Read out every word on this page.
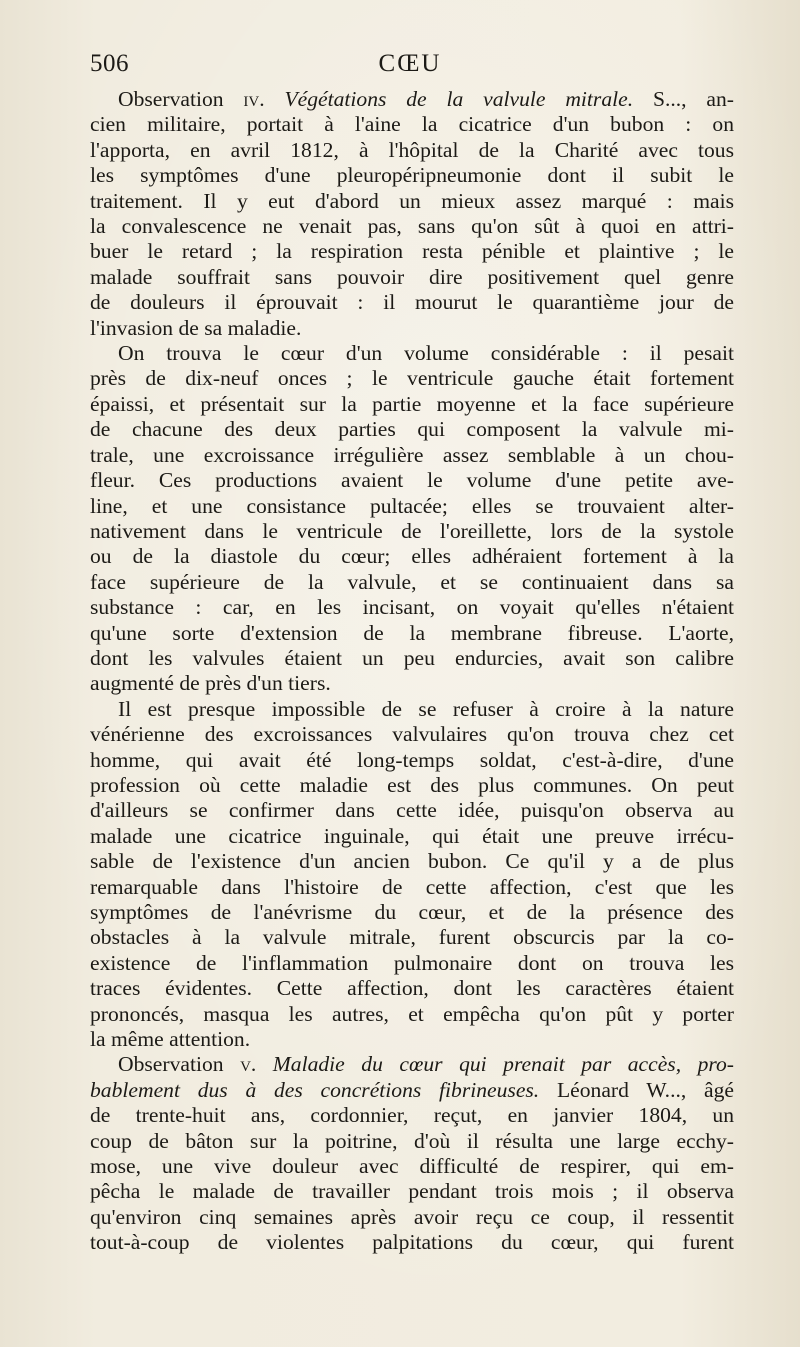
506	CŒU
Observation iv. Végétations de la valvule mitrale. S..., an-
cien militaire, portait à l'aine la cicatrice d'un bubon : on
l'apporta, en avril 1812, à l'hôpital de la Charité avec tous
les symptômes d'une pleuropéripneumonie dont il subit le
traitement. Il y eut d'abord un mieux assez marqué : mais
la convalescence ne venait pas, sans qu'on sût à quoi en attri-
buer le retard ; la respiration resta pénible et plaintive ; le
malade souffrait sans pouvoir dire positivement quel genre
de douleurs il éprouvait : il mourut le quarantième jour de
l'invasion de sa maladie.
On trouva le cœur d'un volume considérable : il pesait
près de dix-neuf onces ; le ventricule gauche était fortement
épaissi, et présentait sur la partie moyenne et la face supérieure
de chacune des deux parties qui composent la valvule mi-
trale, une excroissance irrégulière assez semblable à un chou-
fleur. Ces productions avaient le volume d'une petite ave-
line, et une consistance pultacée; elles se trouvaient alter-
nativement dans le ventricule de l'oreillette, lors de la systole
ou de la diastole du cœur; elles adhéraient fortement à la
face supérieure de la valvule, et se continuaient dans sa
substance : car, en les incisant, on voyait qu'elles n'étaient
qu'une sorte d'extension de la membrane fibreuse. L'aorte,
dont les valvules étaient un peu endurcies, avait son calibre
augmenté de près d'un tiers.
Il est presque impossible de se refuser à croire à la nature
vénérienne des excroissances valvulaires qu'on trouva chez cet
homme, qui avait été long-temps soldat, c'est-à-dire, d'une
profession où cette maladie est des plus communes. On peut
d'ailleurs se confirmer dans cette idée, puisqu'on observa au
malade une cicatrice inguinale, qui était une preuve irrécu-
sable de l'existence d'un ancien bubon. Ce qu'il y a de plus
remarquable dans l'histoire de cette affection, c'est que les
symptômes de l'anévrisme du cœur, et de la présence des
obstacles à la valvule mitrale, furent obscurcis par la co-
existence de l'inflammation pulmonaire dont on trouva les
traces évidentes. Cette affection, dont les caractères étaient
prononcés, masqua les autres, et empêcha qu'on pût y porter
la même attention.
Observation v. Maladie du cœur qui prenait par accès, pro-
bablement dus à des concrétions fibrineuses. Léonard W..., âgé
de trente-huit ans, cordonnier, reçut, en janvier 1804, un
coup de bâton sur la poitrine, d'où il résulta une large ecchy-
mose, une vive douleur avec difficulté de respirer, qui em-
pêcha le malade de travailler pendant trois mois ; il observa
qu'environ cinq semaines après avoir reçu ce coup, il ressentit
tout-à-coup de violentes palpitations du cœur, qui furent
